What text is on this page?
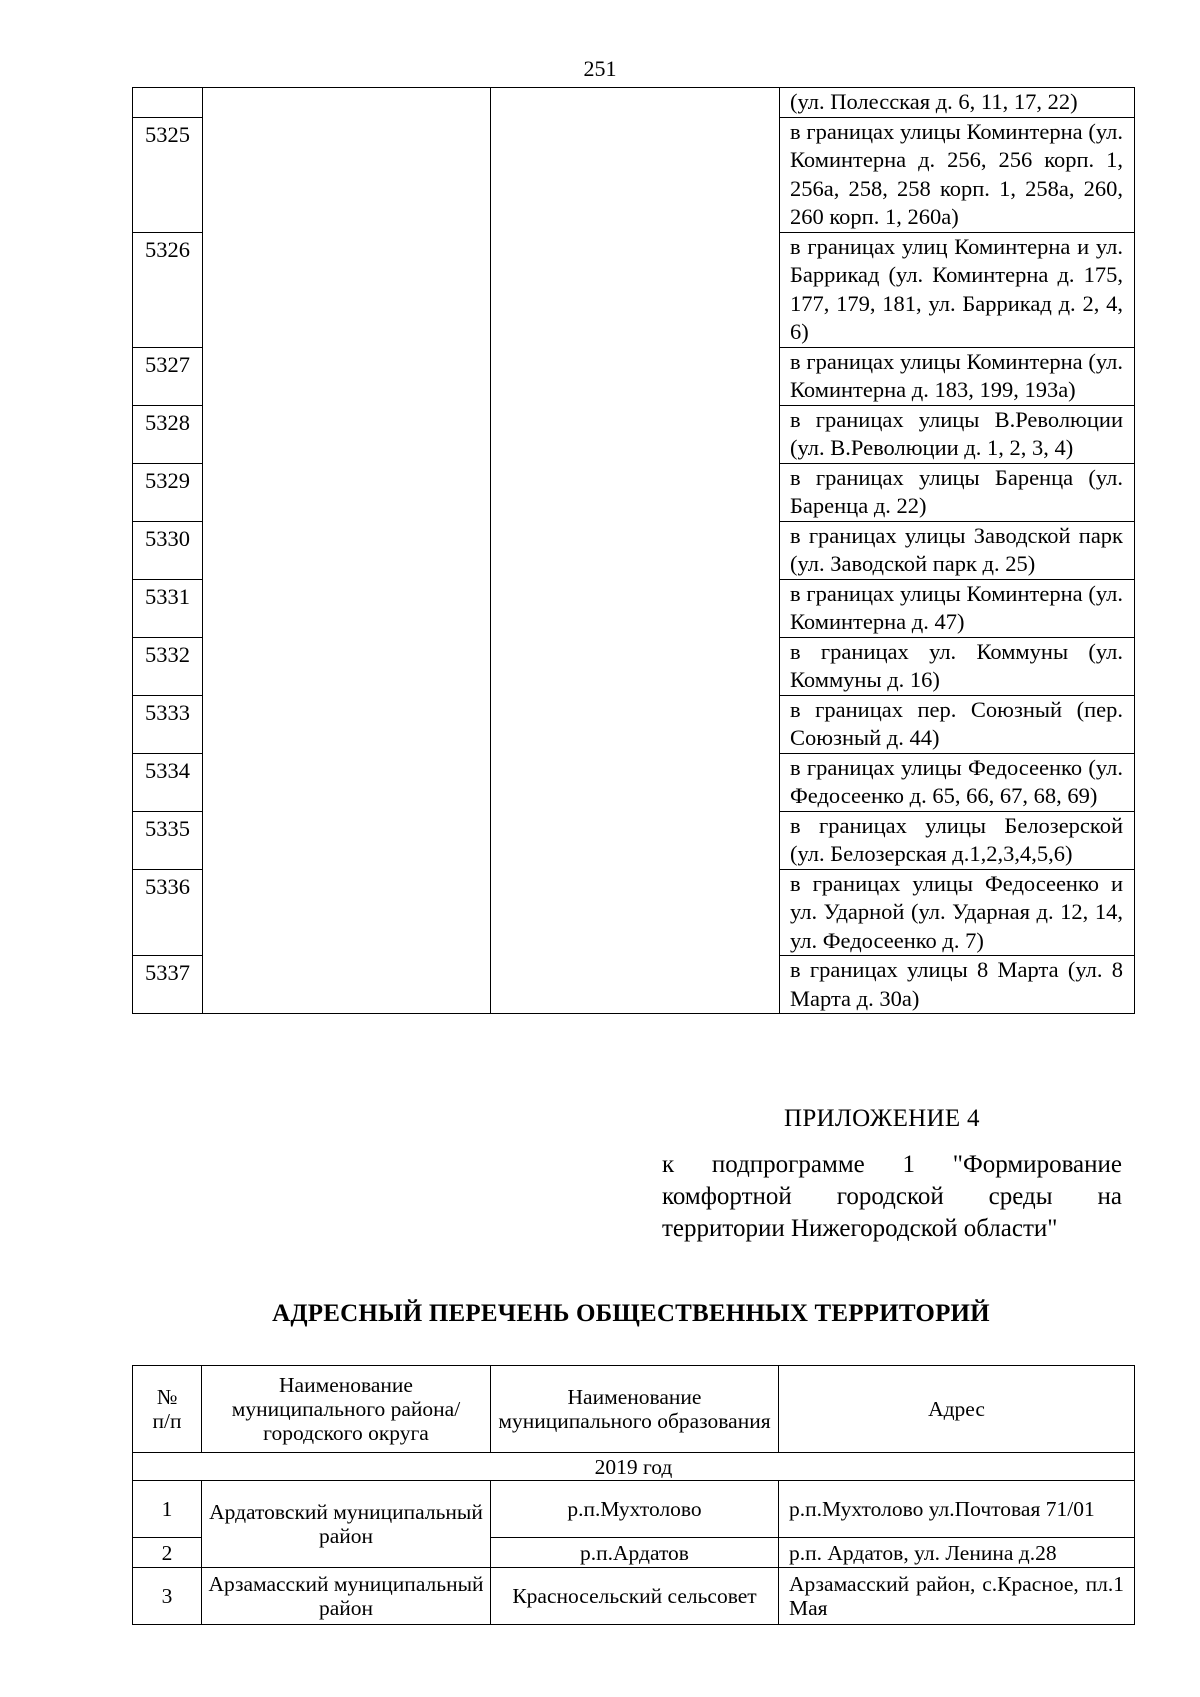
251
			(ул. Полесская д. 6, 11, 17, 22)
5325			в границах улицы Коминтерна (ул. Коминтерна д. 256, 256 корп. 1, 256а, 258, 258 корп. 1, 258а, 260, 260 корп. 1, 260а)
5326			в границах улиц Коминтерна и ул. Баррикад (ул. Коминтерна д. 175, 177, 179, 181, ул. Баррикад д. 2, 4, 6)
5327			в границах улицы Коминтерна (ул. Коминтерна д. 183, 199, 193а)
5328			в границах улицы В.Революции (ул. В.Революции д. 1, 2, 3, 4)
5329			в границах улицы Баренца (ул. Баренца д. 22)
5330			в границах улицы Заводской парк (ул. Заводской парк д. 25)
5331			в границах улицы Коминтерна (ул. Коминтерна д. 47)
5332			в границах ул. Коммуны (ул. Коммуны д. 16)
5333			в границах пер. Союзный (пер. Союзный д. 44)
5334			в границах улицы Федосеенко (ул. Федосеенко д. 65, 66, 67, 68, 69)
5335			в границах улицы Белозерской (ул. Белозерская д.1,2,3,4,5,6)
5336			в границах улицы Федосеенко и ул. Ударной (ул. Ударная д. 12, 14, ул. Федосеенко д. 7)
5337			в границах улицы 8 Марта (ул. 8 Марта д. 30а)
ПРИЛОЖЕНИЕ 4
к подпрограмме 1 "Формирование комфортной городской среды на территории Нижегородской области"
АДРЕСНЫЙ ПЕРЕЧЕНЬ ОБЩЕСТВЕННЫХ ТЕРРИТОРИЙ
№ п/п	Наименование муниципального района/ городского округа	Наименование муниципального образования	Адрес
2019 год			
1	Ардатовский муниципальный район	р.п.Мухтолово	р.п.Мухтолово ул.Почтовая 71/01
2		р.п.Ардатов	р.п. Ардатов, ул. Ленина д.28
3	Арзамасский муниципальный район	Красносельский сельсовет	Арзамасский район, с.Красное, пл.1 Мая
